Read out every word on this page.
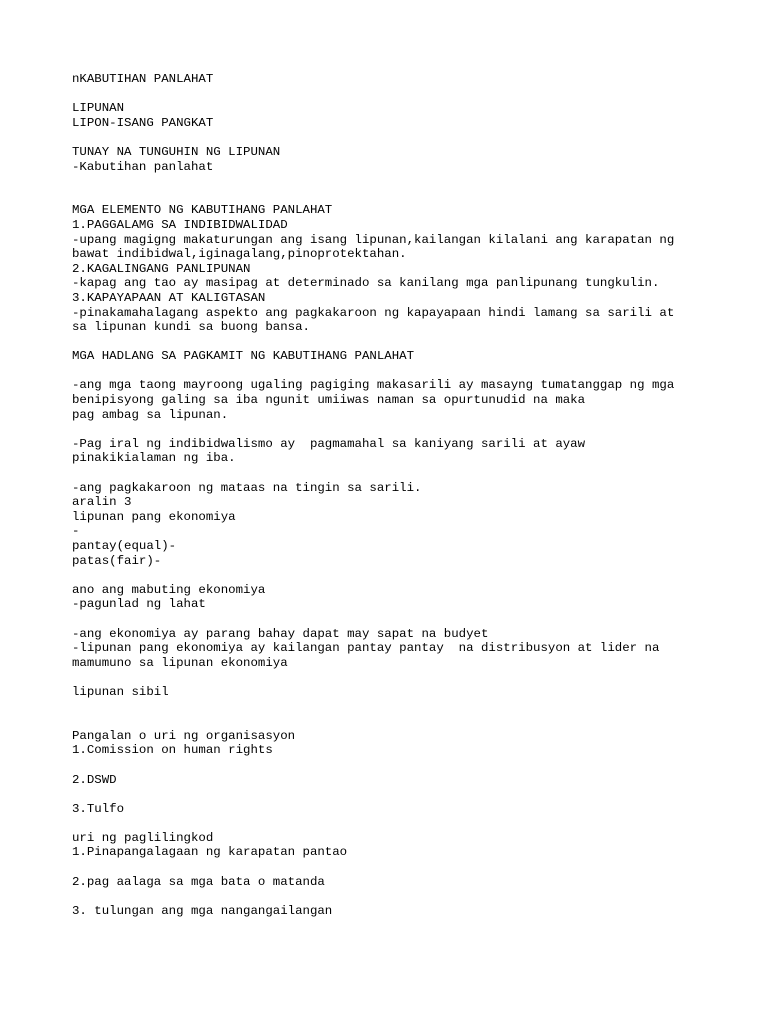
nKABUTIHAN PANLAHAT
LIPUNAN
LIPON-ISANG PANGKAT
TUNAY NA TUNGUHIN NG LIPUNAN
-Kabutihan panlahat
MGA ELEMENTO NG KABUTIHANG PANLAHAT
1.PAGGALAMG SA INDIBIDWALIDAD
-upang magigng makaturungan ang isang lipunan,kailangan kilalani ang karapatan ng
bawat indibidwal,iginagalang,pinoprotektahan.
2.KAGALINGANG PANLIPUNAN
-kapag ang tao ay masipag at determinado sa kanilang mga panlipunang tungkulin.
3.KAPAYAPAAN AT KALIGTASAN
-pinakamahalagang aspekto ang pagkakaroon ng kapayapaan hindi lamang sa sarili at
sa lipunan kundi sa buong bansa.
MGA HADLANG SA PAGKAMIT NG KABUTIHANG PANLAHAT
-ang mga taong mayroong ugaling pagiging makasarili ay masayng tumatanggap ng mga
benipisyong galing sa iba ngunit umiiwas naman sa opurtunudid na maka
pag ambag sa lipunan.
-Pag iral ng indibidwalismo ay  pagmamahal sa kaniyang sarili at ayaw
pinakikialaman ng iba.
-ang pagkakaroon ng mataas na tingin sa sarili.
aralin 3
lipunan pang ekonomiya
-
pantay(equal)-
patas(fair)-
ano ang mabuting ekonomiya
-pagunlad ng lahat
-ang ekonomiya ay parang bahay dapat may sapat na budyet
-lipunan pang ekonomiya ay kailangan pantay pantay  na distribusyon at lider na
mamumuno sa lipunan ekonomiya
lipunan sibil
Pangalan o uri ng organisasyon
1.Comission on human rights
2.DSWD
3.Tulfo
uri ng paglilingkod
1.Pinapangalagaan ng karapatan pantao
2.pag aalaga sa mga bata o matanda
3. tulungan ang mga nangangailangan
